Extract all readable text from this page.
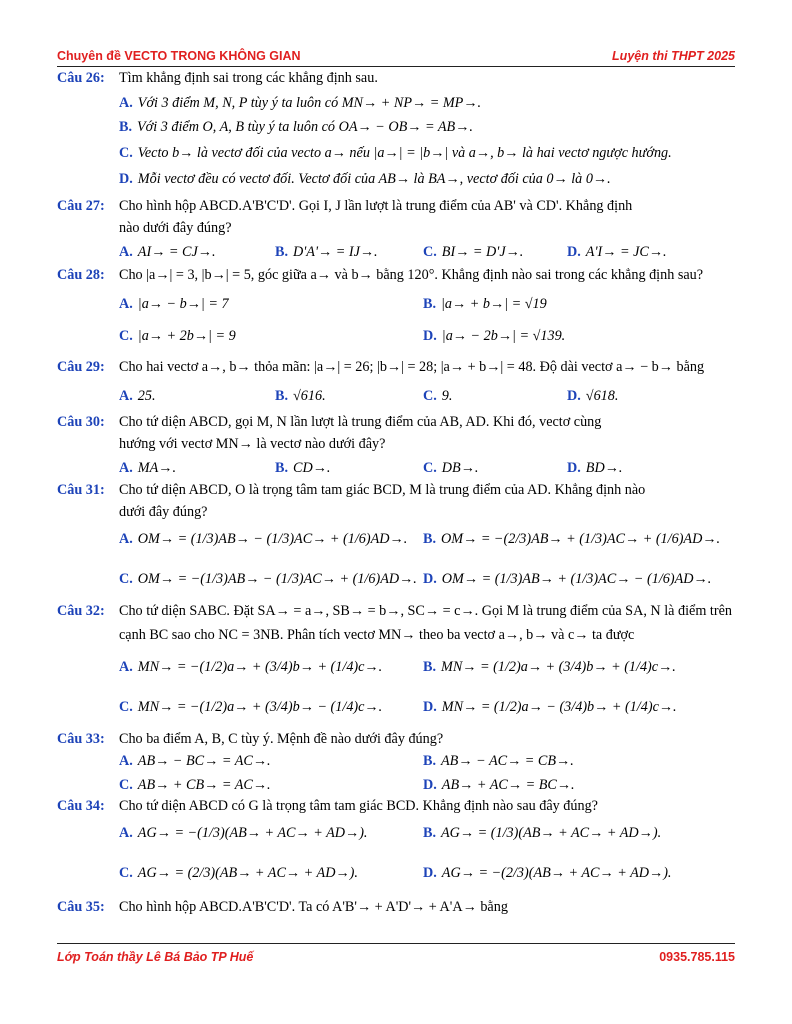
Chuyên đề VECTO TRONG KHÔNG GIAN	Luyện thi THPT 2025
Câu 26:	Tìm khẳng định sai trong các khẳng định sau.
A. Với 3 điểm M, N, P tùy ý ta luôn có MN→ + NP→ = MP→.
B. Với 3 điểm O, A, B tùy ý ta luôn có OA→ − OB→ = AB→.
C. Vecto b→ là vectơ đối của vecto a→ nếu |a→| = |b→| và a→, b→ là hai vectơ ngược hướng.
D. Mỗi vectơ đều có vectơ đối. Vectơ đối của AB→ là BA→, vectơ đối của 0→ là 0→.
Câu 27:	Cho hình hộp ABCD.A'B'C'D'. Gọi I, J lần lượt là trung điểm của AB' và CD'. Khẳng định
nào dưới đây đúng?
A. AI→ = CJ→.	B. D'A'→ = IJ→.	C. BI→ = D'J→.	D. A'I→ = JC→.
Câu 28:	Cho |a→| = 3, |b→| = 5, góc giữa a→ và b→ bằng 120°. Khẳng định nào sai trong các khẳng định sau?
A. |a→ − b→| = 7	B. |a→ + b→| = √19
C. |a→ + 2b→| = 9	D. |a→ − 2b→| = √139.
Câu 29:	Cho hai vectơ a→, b→ thỏa mãn: |a→| = 26; |b→| = 28; |a→ + b→| = 48. Độ dài vectơ a→ − b→ bằng
A. 25.	B. √616.	C. 9.	D. √618.
Câu 30:	Cho tứ diện ABCD, gọi M, N lần lượt là trung điểm của AB, AD. Khi đó, vectơ cùng
hướng với vectơ MN→ là vectơ nào dưới đây?
A. MA→.	B. CD→.	C. DB→.	D. BD→.
Câu 31:	Cho tứ diện ABCD, O là trọng tâm tam giác BCD, M là trung điểm của AD. Khẳng định nào
dưới đây đúng?
A. OM→ = (1/3)AB→ − (1/3)AC→ + (1/6)AD→.	B. OM→ = −(2/3)AB→ + (1/3)AC→ + (1/6)AD→.
C. OM→ = −(1/3)AB→ − (1/3)AC→ + (1/6)AD→. D. OM→ = (1/3)AB→ + (1/3)AC→ − (1/6)AD→.
Câu 32:	Cho tứ diện SABC. Đặt SA→ = a→, SB→ = b→, SC→ = c→. Gọi M là trung điểm của SA, N là điểm trên
cạnh BC sao cho NC = 3NB. Phân tích vectơ MN→ theo ba vectơ a→, b→ và c→ ta được
A. MN→ = −(1/2)a→ + (3/4)b→ + (1/4)c→.	B. MN→ = (1/2)a→ + (3/4)b→ + (1/4)c→.
C. MN→ = −(1/2)a→ + (3/4)b→ − (1/4)c→.	D. MN→ = (1/2)a→ − (3/4)b→ + (1/4)c→.
Câu 33:	Cho ba điểm A, B, C tùy ý. Mệnh đề nào dưới đây đúng?
A. AB→ − BC→ = AC→.	B. AB→ − AC→ = CB→.
C. AB→ + CB→ = AC→.	D. AB→ + AC→ = BC→.
Câu 34:	Cho tứ diện ABCD có G là trọng tâm tam giác BCD. Khẳng định nào sau đây đúng?
A. AG→ = −(1/3)(AB→ + AC→ + AD→).	B. AG→ = (1/3)(AB→ + AC→ + AD→).
C. AG→ = (2/3)(AB→ + AC→ + AD→).	D. AG→ = −(2/3)(AB→ + AC→ + AD→).
Câu 35:	Cho hình hộp ABCD.A'B'C'D'. Ta có A'B'→ + A'D'→ + A'A→ bằng
Lớp Toán thầy Lê Bá Bảo TP Huế	0935.785.115
